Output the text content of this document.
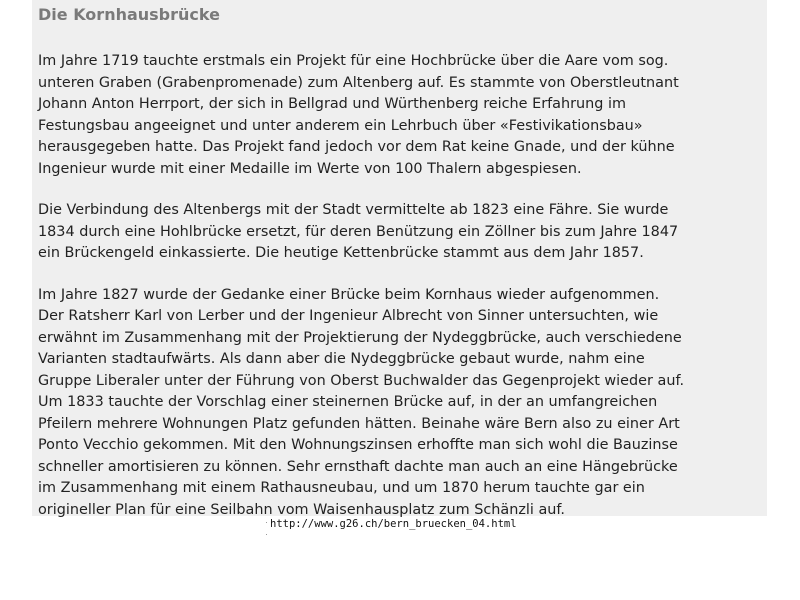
Die Kornhausbrücke

Im Jahre 1719 tauchte erstmals ein Projekt für eine Hochbrücke über die Aare vom sog.
unteren Graben (Grabenpromenade) zum Altenberg auf. Es stammte von Oberstleutnant
Johann Anton Herrport, der sich in Bellgrad und Würthenberg reiche Erfahrung im
Festungsbau angeeignet und unter anderem ein Lehrbuch über «Festivikationsbau»
herausgegeben hatte. Das Projekt fand jedoch vor dem Rat keine Gnade, und der kühne
Ingenieur wurde mit einer Medaille im Werte von 100 Thalern abgespiesen.

Die Verbindung des Altenbergs mit der Stadt vermittelte ab 1823 eine Fähre. Sie wurde
1834 durch eine Hohlbrücke ersetzt, für deren Benützung ein Zöllner bis zum Jahre 1847
ein Brückengeld einkassierte. Die heutige Kettenbrücke stammt aus dem Jahr 1857.

Im Jahre 1827 wurde der Gedanke einer Brücke beim Kornhaus wieder aufgenommen.
Der Ratsherr Karl von Lerber und der Ingenieur Albrecht von Sinner untersuchten, wie
erwähnt im Zusammenhang mit der Projektierung der Nydeggbrücke, auch verschiedene
Varianten stadtaufwärts. Als dann aber die Nydeggbrücke gebaut wurde, nahm eine
Gruppe Liberaler unter der Führung von Oberst Buchwalder das Gegenprojekt wieder auf.
Um 1833 tauchte der Vorschlag einer steinernen Brücke auf, in der an umfangreichen
Pfeilern mehrere Wohnungen Platz gefunden hätten. Beinahe wäre Bern also zu einer Art
Ponto Vecchio gekommen. Mit den Wohnungszinsen erhoffte man sich wohl die Bauzinse
schneller amortisieren zu können. Sehr ernsthaft dachte man auch an eine Hängebrücke
im Zusammenhang mit einem Rathausneubau, und um 1870 herum tauchte gar ein
origineller Plan für eine Seilbahn vom Waisenhausplatz zum Schänzli auf.

http://www.g26.ch/bern_bruecken_04.html
